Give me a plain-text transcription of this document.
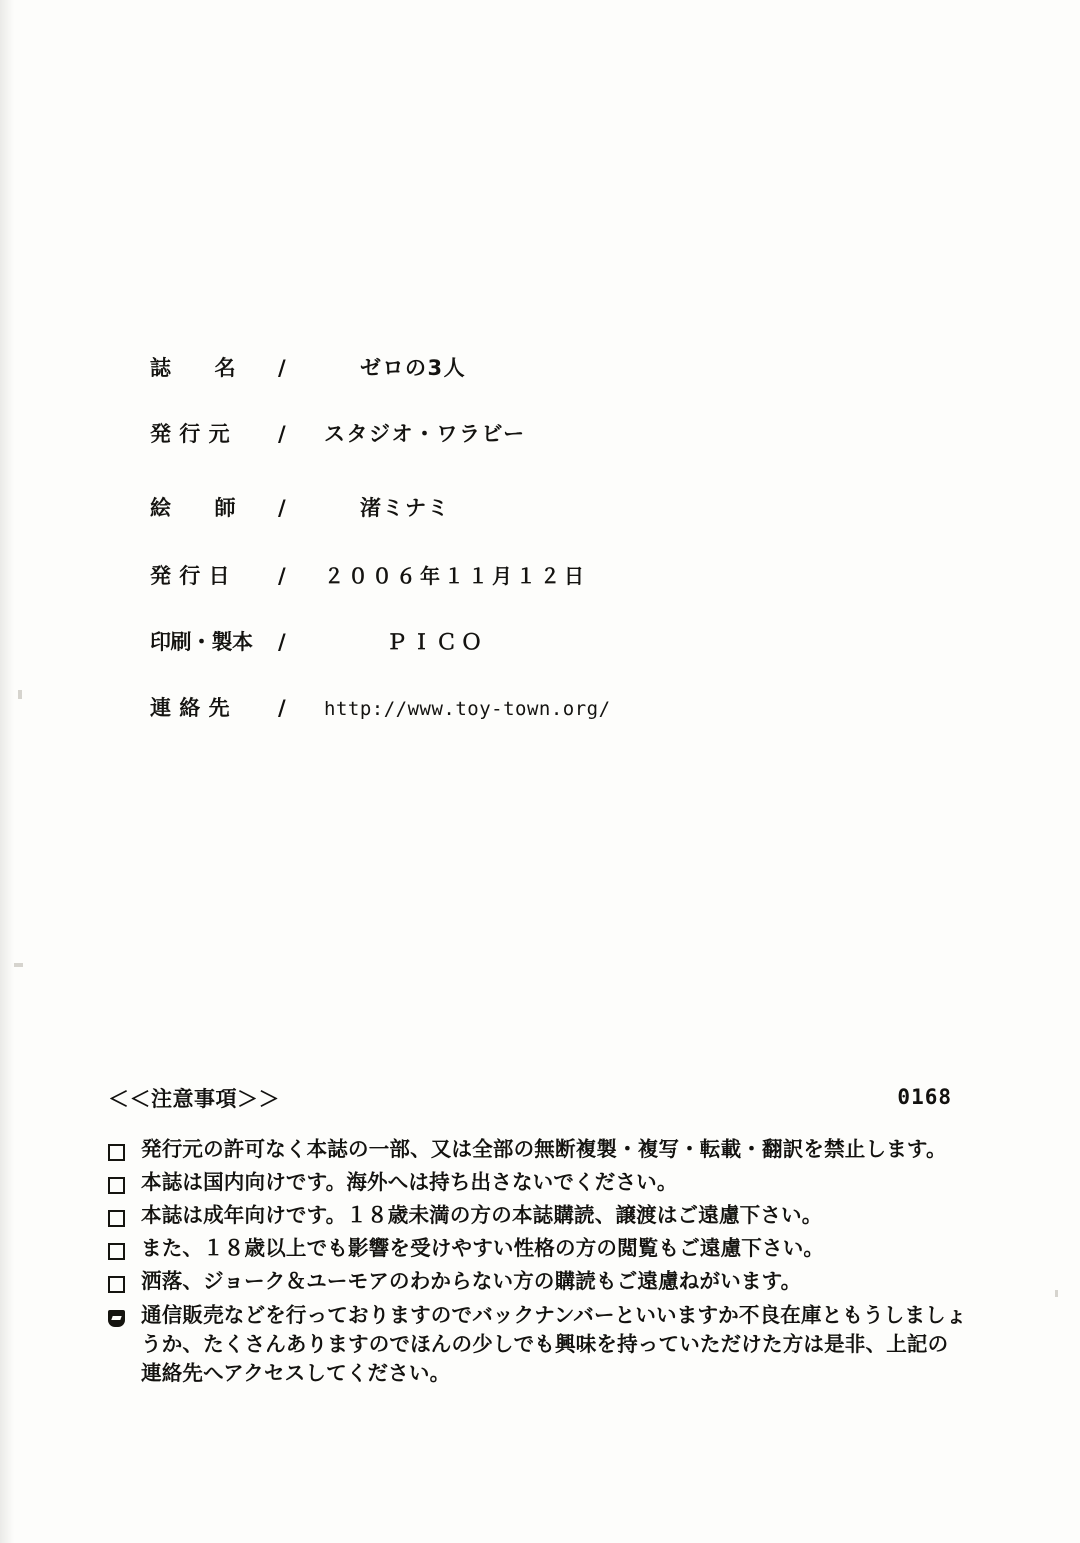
誌　　名	/	ゼロの3人
発 行 元	/	スタジオ・ワラビー
絵　　師	/	渚ミナミ
発 行 日	/	２００６年１１月１２日
印刷・製本	/	ＰＩＣＯ
連 絡 先	/	http://www.toy-town.org/
＜＜注意事項＞＞	0168
発行元の許可なく本誌の一部、又は全部の無断複製・複写・転載・翻訳を禁止します。
本誌は国内向けです。海外へは持ち出さないでください。
本誌は成年向けです。１８歳未満の方の本誌購読、譲渡はご遠慮下さい。
また、１８歳以上でも影響を受けやすい性格の方の閲覧もご遠慮下さい。
洒落、ジョーク＆ユーモアのわからない方の購読もご遠慮ねがいます。
通信販売などを行っておりますのでバックナンバーといいますか不良在庫ともうしましょうか、たくさんありますのでほんの少しでも興味を持っていただけた方は是非、上記の連絡先へアクセスしてください。
